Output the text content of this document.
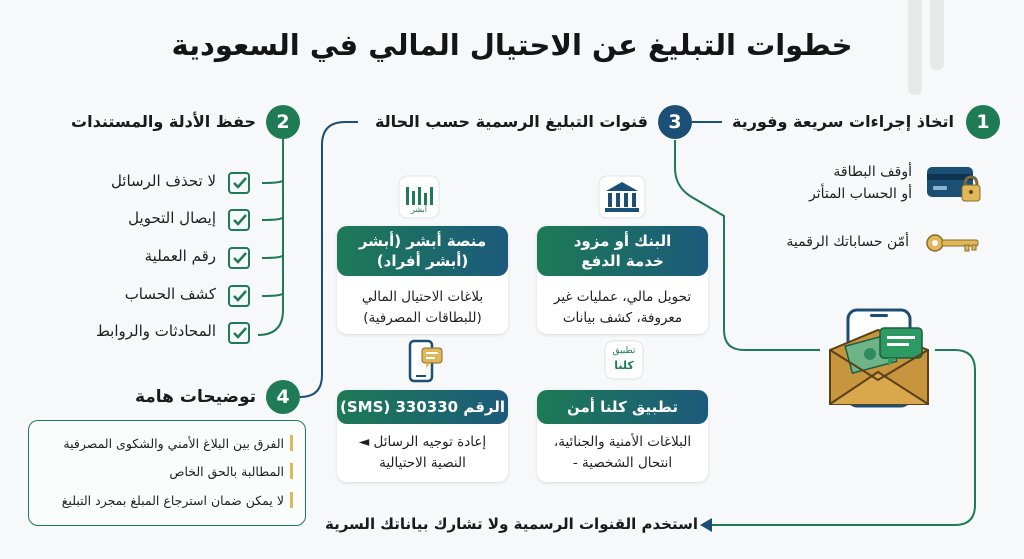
خطوات التبليغ عن الاحتيال المالي في السعودية
1
اتخاذ إجراءات سريعة وفورية
أوقف البطاقة
أو الحساب المتأثر
أمّن حساباتك الرقمية
2
حفظ الأدلة والمستندات
لا تحذف الرسائل
إيصال التحويل
رقم العملية
كشف الحساب
المحادثات والروابط
3
قنوات التبليغ الرسمية حسب الحالة
البنك أو مزود
خدمة الدفع
تحويل مالي، عمليات غير
معروفة، كشف بيانات
أبشر
منصة أبشر (أبشر
(أبشر أفراد)
بلاغات الاحتيال المالي
(للبطاقات المصرفية)
تطبيق
كلنا
تطبيق كلنا أمن
البلاغات الأمنية والجنائية،
انتحال الشخصية -
الرقم 330330 (SMS)
إعادة توجيه الرسائل ◄
النصية الاحتيالية
4
توضيحات هامة
الفرق بين البلاغ الأمني والشكوى المصرفية
المطالبة بالحق الخاص
لا يمكن ضمان استرجاع المبلغ بمجرد التبليغ
استخدم القنوات الرسمية ولا تشارك بياناتك السرية
